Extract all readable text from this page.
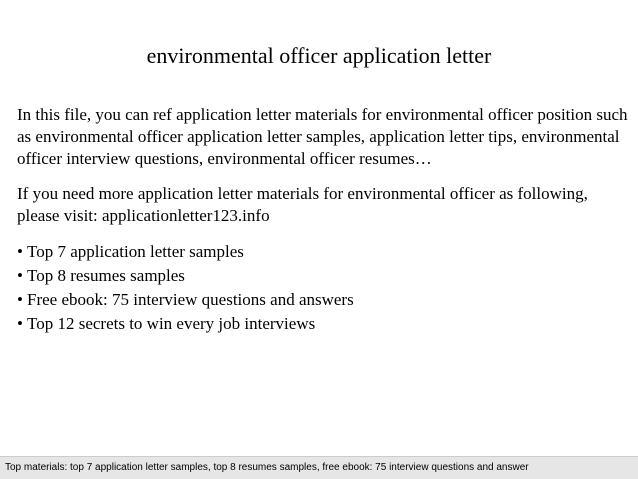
environmental officer application letter
In this file, you can ref application letter materials for environmental officer position such as environmental officer application letter samples, application letter tips, environmental officer interview questions, environmental officer resumes…
If you need more application letter materials for environmental officer as following, please visit: applicationletter123.info
• Top 7 application letter samples
• Top 8 resumes samples
• Free ebook: 75 interview questions and answers
• Top 12 secrets to win every job interviews
Top materials: top 7 application letter samples, top 8 resumes samples, free ebook: 75 interview questions and answer
